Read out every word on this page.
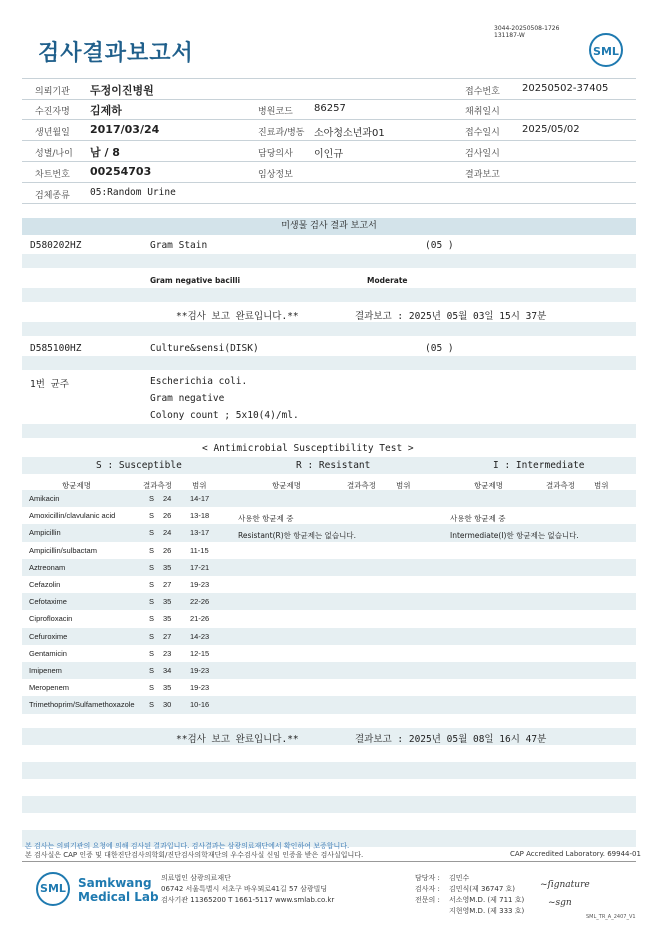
검사결과보고서
3044-20250508-1726
131187-W
SML
의뢰기관 두정이진병원	접수번호 20250502-37405
수진자명 김제하	병원코드 86257	채취일시
생년월일 2017/03/24	진료과/병동 소아청소년과01	접수일시 2025/05/02
성별/나이 남 / 8	담당의사 이인규	검사일시
차트번호 00254703	임상정보	결과보고
검체종류 05:Random Urine
미생물 검사 결과 보고서
D580202HZ	Gram Stain	(05 )
Gram negative bacilli	Moderate
**검사 보고 완료입니다.**	결과보고 : 2025년 05월 03일 15시 37분
D585100HZ	Culture&sensi(DISK)	(05 )
1번 균주	Escherichia coli.
Gram negative
Colony count ; 5x10(4)/ml.
< Antimicrobial Susceptibility Test >
S : Susceptible	R : Resistant	I : Intermediate
항균제명	결과측정	범위	항균제명	결과측정	범위	항균제명	결과측정	범위
Amikacin	S 24 14-17
Amoxicillin/clavulanic acid	S 26 13-18
Ampicillin	S 24 13-17
Ampicillin/sulbactam	S 26 11-15
Aztreonam	S 35 17-21
Cefazolin	S 27 19-23
Cefotaxime	S 35 22-26
Ciprofloxacin	S 35 21-26
Cefuroxime	S 27 14-23
Gentamicin	S 23 12-15
Imipenem	S 34 19-23
Meropenem	S 35 19-23
Trimethoprim/Sulfamethoxazole S 30 10-16
사용한 항균제 중
Resistant(R)한 항균제는 없습니다.
사용한 항균제 중
Intermediate(I)한 항균제는 없습니다.
**검사 보고 완료입니다.**	결과보고 : 2025년 05월 08일 16시 47분
본 검사는 의뢰기관의 요청에 의해 검사된 결과입니다. 검사결과는 삼광의료재단에서 확인하여 보증합니다.
본 검사실은 CAP 인증 및 대한진단검사의학회/진단검사의학재단의 우수검사실 신임 인증을 받은 검사실입니다.	CAP Accredited Laboratory. 69944-01
SML	Samkwang
Medical Lab
의료법인 삼광의료재단
06742 서울특별시 서초구 바우뫼로41길 57 삼광빌딩
검사기관 11365200 T 1661-5117 www.smlab.co.kr
담당자 : 김민수
검사자 : 김민식(제 36747 호)	~ſignature
전문의 : 서소영M.D. (제 711 호)
지현영M.D. (제 333 호)
~sgn
SML_TR_A_2407_V1
